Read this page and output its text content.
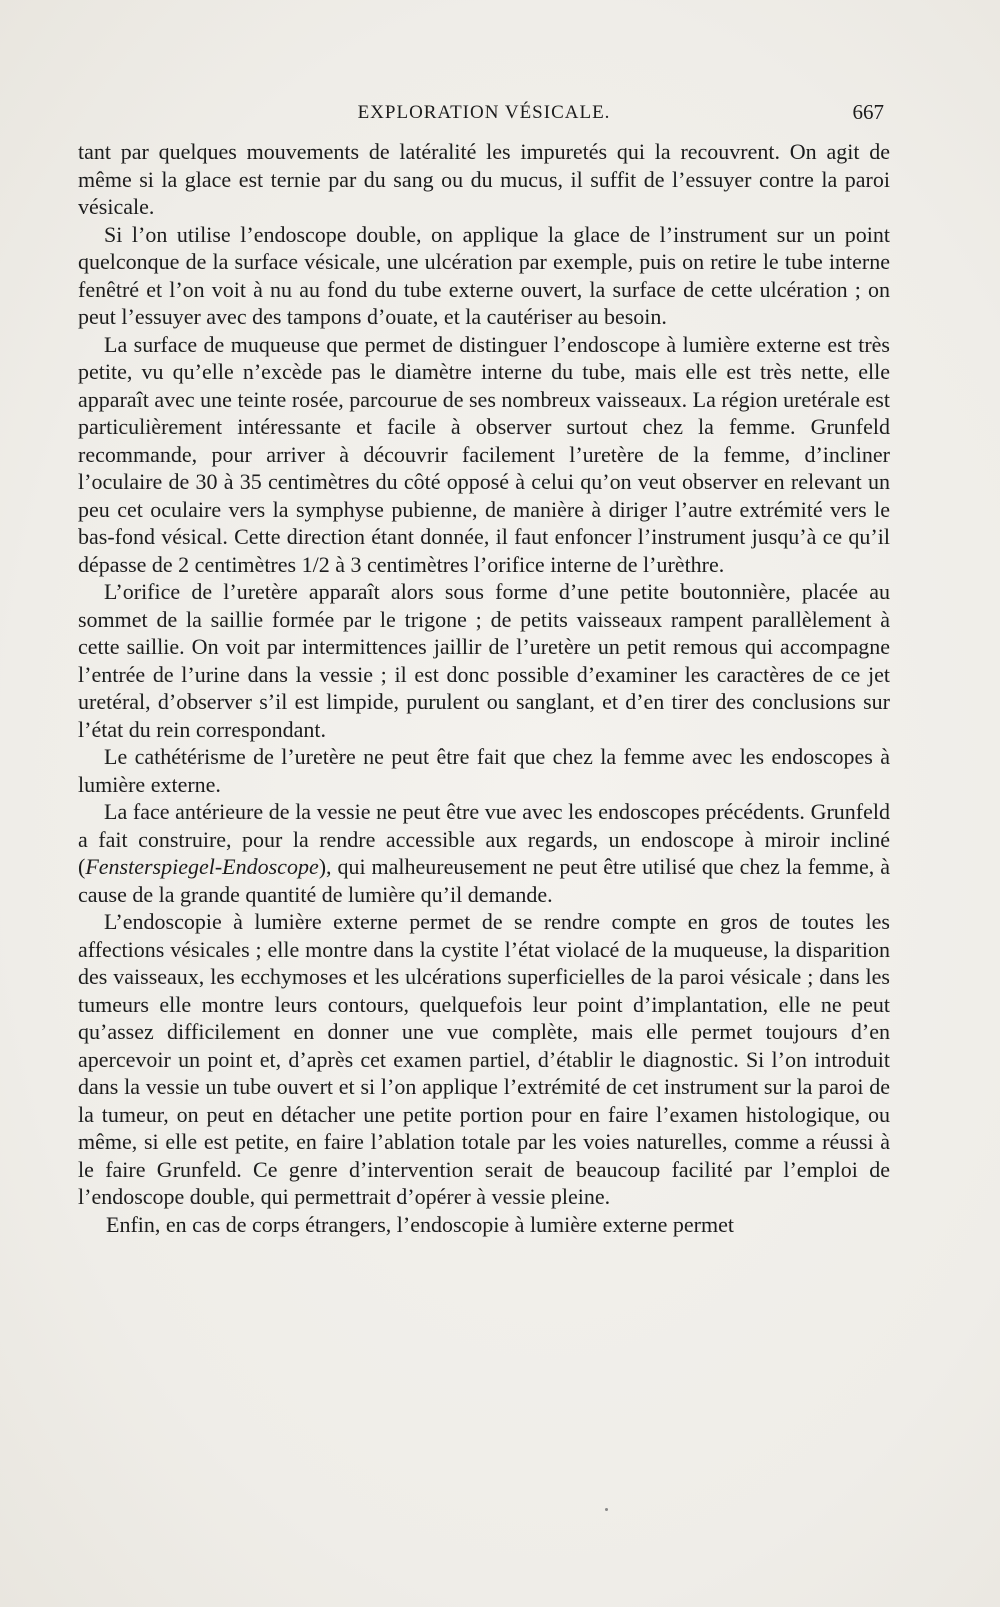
EXPLORATION VÉSICALE.	667

tant par quelques mouvements de latéralité les impuretés qui la recouvrent. On agit de même si la glace est ternie par du sang ou du mucus, il suffit de l’essuyer contre la paroi vésicale.

Si l’on utilise l’endoscope double, on applique la glace de l’instrument sur un point quelconque de la surface vésicale, une ulcération par exemple, puis on retire le tube interne fenêtré et l’on voit à nu au fond du tube externe ouvert, la surface de cette ulcération ; on peut l’essuyer avec des tampons d’ouate, et la cautériser au besoin.

La surface de muqueuse que permet de distinguer l’endoscope à lumière externe est très petite, vu qu’elle n’excède pas le diamètre interne du tube, mais elle est très nette, elle apparaît avec une teinte rosée, parcourue de ses nombreux vaisseaux. La région uretérale est particulièrement intéressante et facile à observer surtout chez la femme. Grunfeld recommande, pour arriver à découvrir facilement l’uretère de la femme, d’incliner l’oculaire de 30 à 35 centimètres du côté opposé à celui qu’on veut observer en relevant un peu cet oculaire vers la symphyse pubienne, de manière à diriger l’autre extrémité vers le bas-fond vésical. Cette direction étant donnée, il faut enfoncer l’instrument jusqu’à ce qu’il dépasse de 2 centimètres 1/2 à 3 centimètres l’orifice interne de l’urèthre.

L’orifice de l’uretère apparaît alors sous forme d’une petite boutonnière, placée au sommet de la saillie formée par le trigone ; de petits vaisseaux rampent parallèlement à cette saillie. On voit par intermittences jaillir de l’uretère un petit remous qui accompagne l’entrée de l’urine dans la vessie ; il est donc possible d’examiner les caractères de ce jet uretéral, d’observer s’il est limpide, purulent ou sanglant, et d’en tirer des conclusions sur l’état du rein correspondant.

Le cathétérisme de l’uretère ne peut être fait que chez la femme avec les endoscopes à lumière externe.

La face antérieure de la vessie ne peut être vue avec les endoscopes précédents. Grunfeld a fait construire, pour la rendre accessible aux regards, un endoscope à miroir incliné (Fensterspiegel-Endoscope), qui malheureusement ne peut être utilisé que chez la femme, à cause de la grande quantité de lumière qu’il demande.

L’endoscopie à lumière externe permet de se rendre compte en gros de toutes les affections vésicales ; elle montre dans la cystite l’état violacé de la muqueuse, la disparition des vaisseaux, les ecchymoses et les ulcérations superficielles de la paroi vésicale ; dans les tumeurs elle montre leurs contours, quelquefois leur point d’implantation, elle ne peut qu’assez difficilement en donner une vue complète, mais elle permet toujours d’en apercevoir un point et, d’après cet examen partiel, d’établir le diagnostic. Si l’on introduit dans la vessie un tube ouvert et si l’on applique l’extrémité de cet instrument sur la paroi de la tumeur, on peut en détacher une petite portion pour en faire l’examen histologique, ou même, si elle est petite, en faire l’ablation totale par les voies naturelles, comme a réussi à le faire Grunfeld. Ce genre d’intervention serait de beaucoup facilité par l’emploi de l’endoscope double, qui permettrait d’opérer à vessie pleine.

Enfin, en cas de corps étrangers, l’endoscopie à lumière externe permet
